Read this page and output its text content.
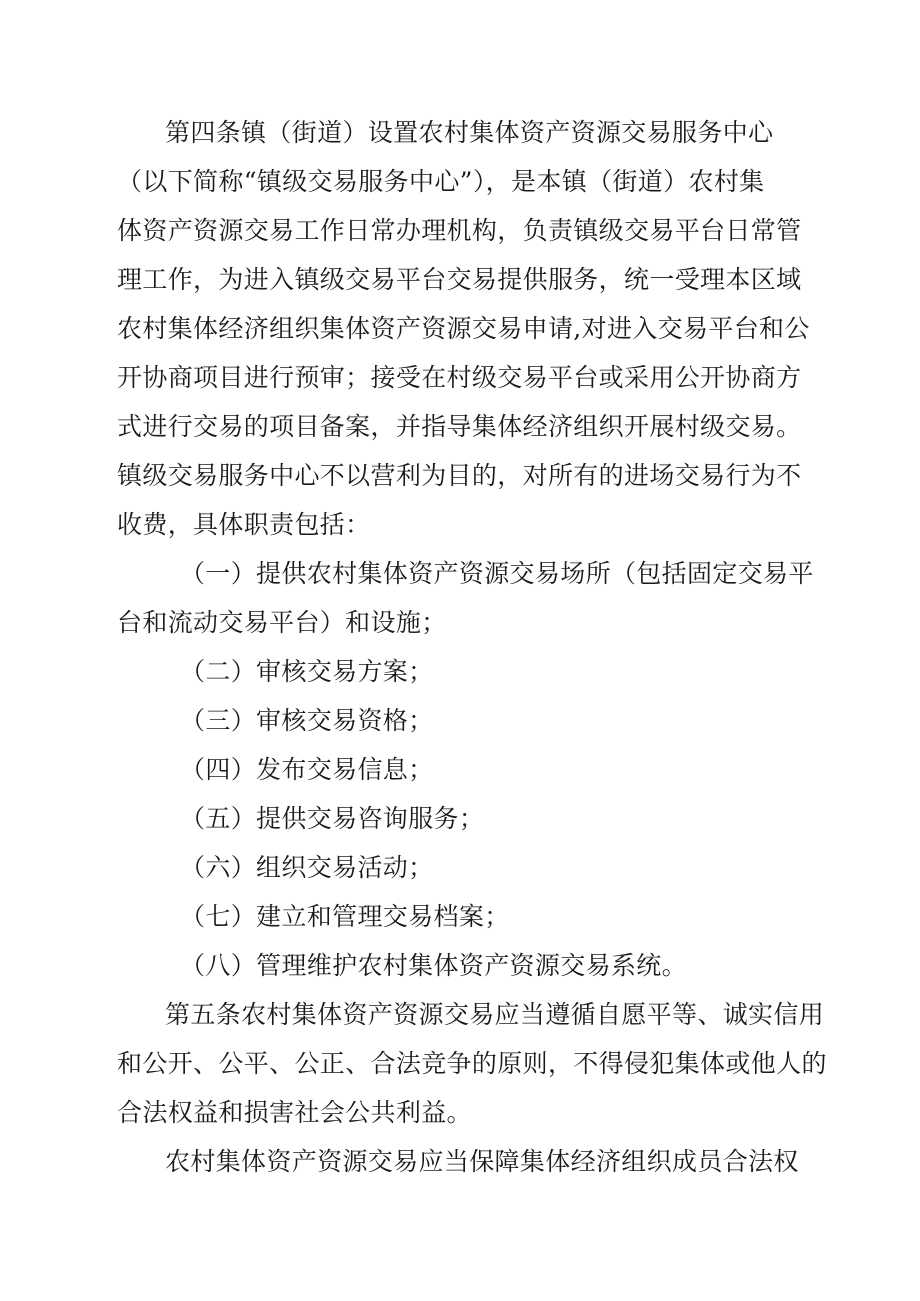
第四条镇（街道）设置农村集体资产资源交易服务中心
（以下简称“镇级交易服务中心”），是本镇（街道）农村集
体资产资源交易工作日常办理机构，负责镇级交易平台日常管
理工作，为进入镇级交易平台交易提供服务，统一受理本区域
农村集体经济组织集体资产资源交易申请,对进入交易平台和公
开协商项目进行预审；接受在村级交易平台或采用公开协商方
式进行交易的项目备案，并指导集体经济组织开展村级交易。
镇级交易服务中心不以营利为目的，对所有的进场交易行为不
收费，具体职责包括：
（一）提供农村集体资产资源交易场所（包括固定交易平
台和流动交易平台）和设施；
（二）审核交易方案；
（三）审核交易资格；
（四）发布交易信息；
（五）提供交易咨询服务；
（六）组织交易活动；
（七）建立和管理交易档案；
（八）管理维护农村集体资产资源交易系统。
第五条农村集体资产资源交易应当遵循自愿平等、诚实信用
和公开、公平、公正、合法竞争的原则，不得侵犯集体或他人的
合法权益和损害社会公共利益。
农村集体资产资源交易应当保障集体经济组织成员合法权
